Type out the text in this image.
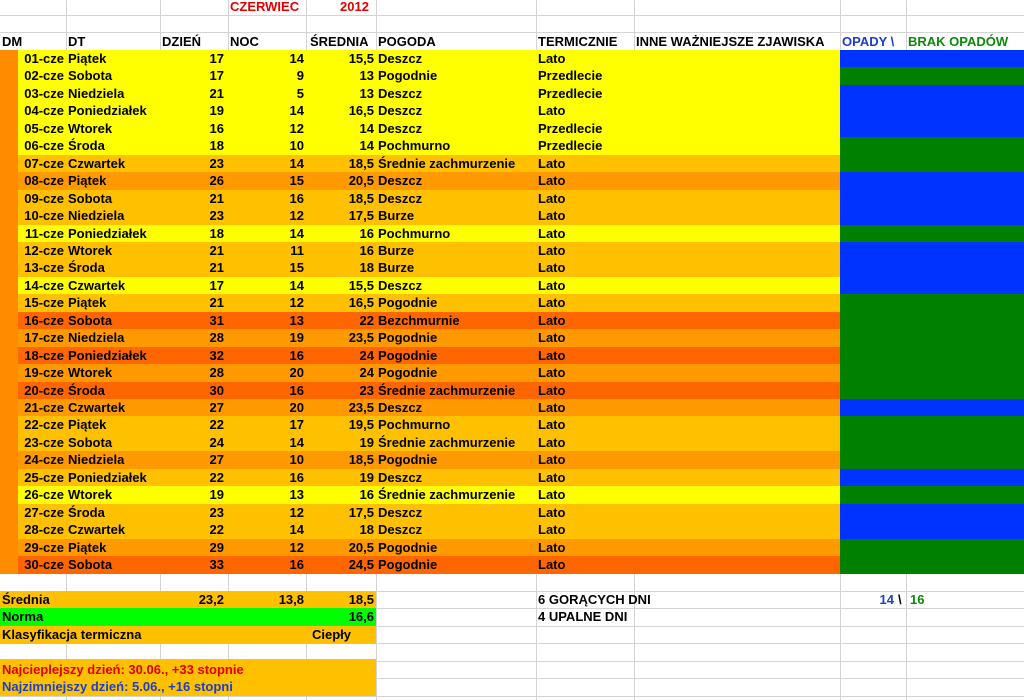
CZERWIEC	2012
DM	DT	DZIEŃ	NOC	ŚREDNIA POGODA	TERMICZNIE	INNE WAŻNIEJSZE ZJAWISKA	OPADY \	BRAK OPADÓW
01-cze Piątek	17	14	15,5 Deszcz	Lato
02-cze Sobota	17	9	13 Pogodnie	Przedlecie
03-cze Niedziela	21	5	13 Deszcz	Przedlecie
04-cze Poniedziałek	19	14	16,5 Deszcz	Lato
05-cze Wtorek	16	12	14 Deszcz	Przedlecie
06-cze Środa	18	10	14 Pochmurno	Przedlecie
07-cze Czwartek	23	14	18,5 Średnie zachmurzenie	Lato
08-cze Piątek	26	15	20,5 Deszcz	Lato
09-cze Sobota	21	16	18,5 Deszcz	Lato
10-cze Niedziela	23	12	17,5 Burze	Lato
11-cze Poniedziałek	18	14	16 Pochmurno	Lato
12-cze Wtorek	21	11	16 Burze	Lato
13-cze Środa	21	15	18 Burze	Lato
14-cze Czwartek	17	14	15,5 Deszcz	Lato
15-cze Piątek	21	12	16,5 Pogodnie	Lato
16-cze Sobota	31	13	22 Bezchmurnie	Lato
17-cze Niedziela	28	19	23,5 Pogodnie	Lato
18-cze Poniedziałek	32	16	24 Pogodnie	Lato
19-cze Wtorek	28	20	24 Pogodnie	Lato
20-cze Środa	30	16	23 Średnie zachmurzenie	Lato
21-cze Czwartek	27	20	23,5 Deszcz	Lato
22-cze Piątek	22	17	19,5 Pochmurno	Lato
23-cze Sobota	24	14	19 Średnie zachmurzenie	Lato
24-cze Niedziela	27	10	18,5 Pogodnie	Lato
25-cze Poniedziałek	22	16	19 Deszcz	Lato
26-cze Wtorek	19	13	16 Średnie zachmurzenie	Lato
27-cze Środa	23	12	17,5 Deszcz	Lato
28-cze Czwartek	22	14	18 Deszcz	Lato
29-cze Piątek	29	12	20,5 Pogodnie	Lato
30-cze Sobota	33	16	24,5 Pogodnie	Lato
Średnia	23,2	13,8	18,5
Norma	16,6
Klasyfikacja termiczna	Ciepły
6 GORĄCYCH DNI
4 UPALNE DNI
14 \ 16
Najcieplejszy dzień: 30.06., +33 stopnie
Najzimniejszy dzień: 5.06., +16 stopni
